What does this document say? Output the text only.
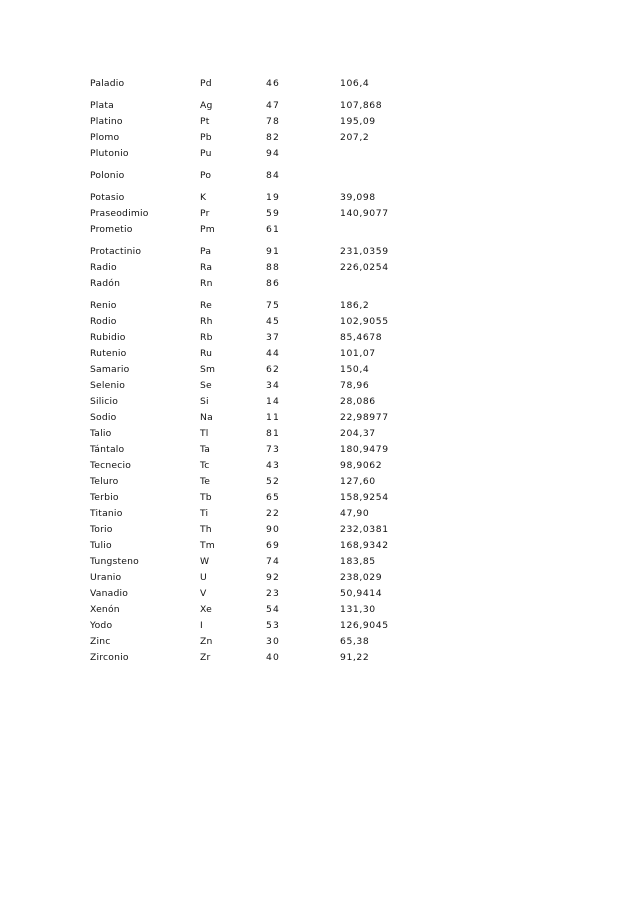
Paladio	Pd	46	106,4
Plata	Ag	47	107,868
Platino	Pt	78	195,09
Plomo	Pb	82	207,2
Plutonio	Pu	94
Polonio	Po	84
Potasio	K	19	39,098
Praseodimio	Pr	59	140,9077
Prometio	Pm	61
Protactinio	Pa	91	231,0359
Radio	Ra	88	226,0254
Radón	Rn	86
Renio	Re	75	186,2
Rodio	Rh	45	102,9055
Rubidio	Rb	37	85,4678
Rutenio	Ru	44	101,07
Samario	Sm	62	150,4
Selenio	Se	34	78,96
Silicio	Si	14	28,086
Sodio	Na	11	22,98977
Talio	Tl	81	204,37
Tántalo	Ta	73	180,9479
Tecnecio	Tc	43	98,9062
Teluro	Te	52	127,60
Terbio	Tb	65	158,9254
Titanio	Ti	22	47,90
Torio	Th	90	232,0381
Tulio	Tm	69	168,9342
Tungsteno	W	74	183,85
Uranio	U	92	238,029
Vanadio	V	23	50,9414
Xenón	Xe	54	131,30
Yodo	I	53	126,9045
Zinc	Zn	30	65,38
Zirconio	Zr	40	91,22
